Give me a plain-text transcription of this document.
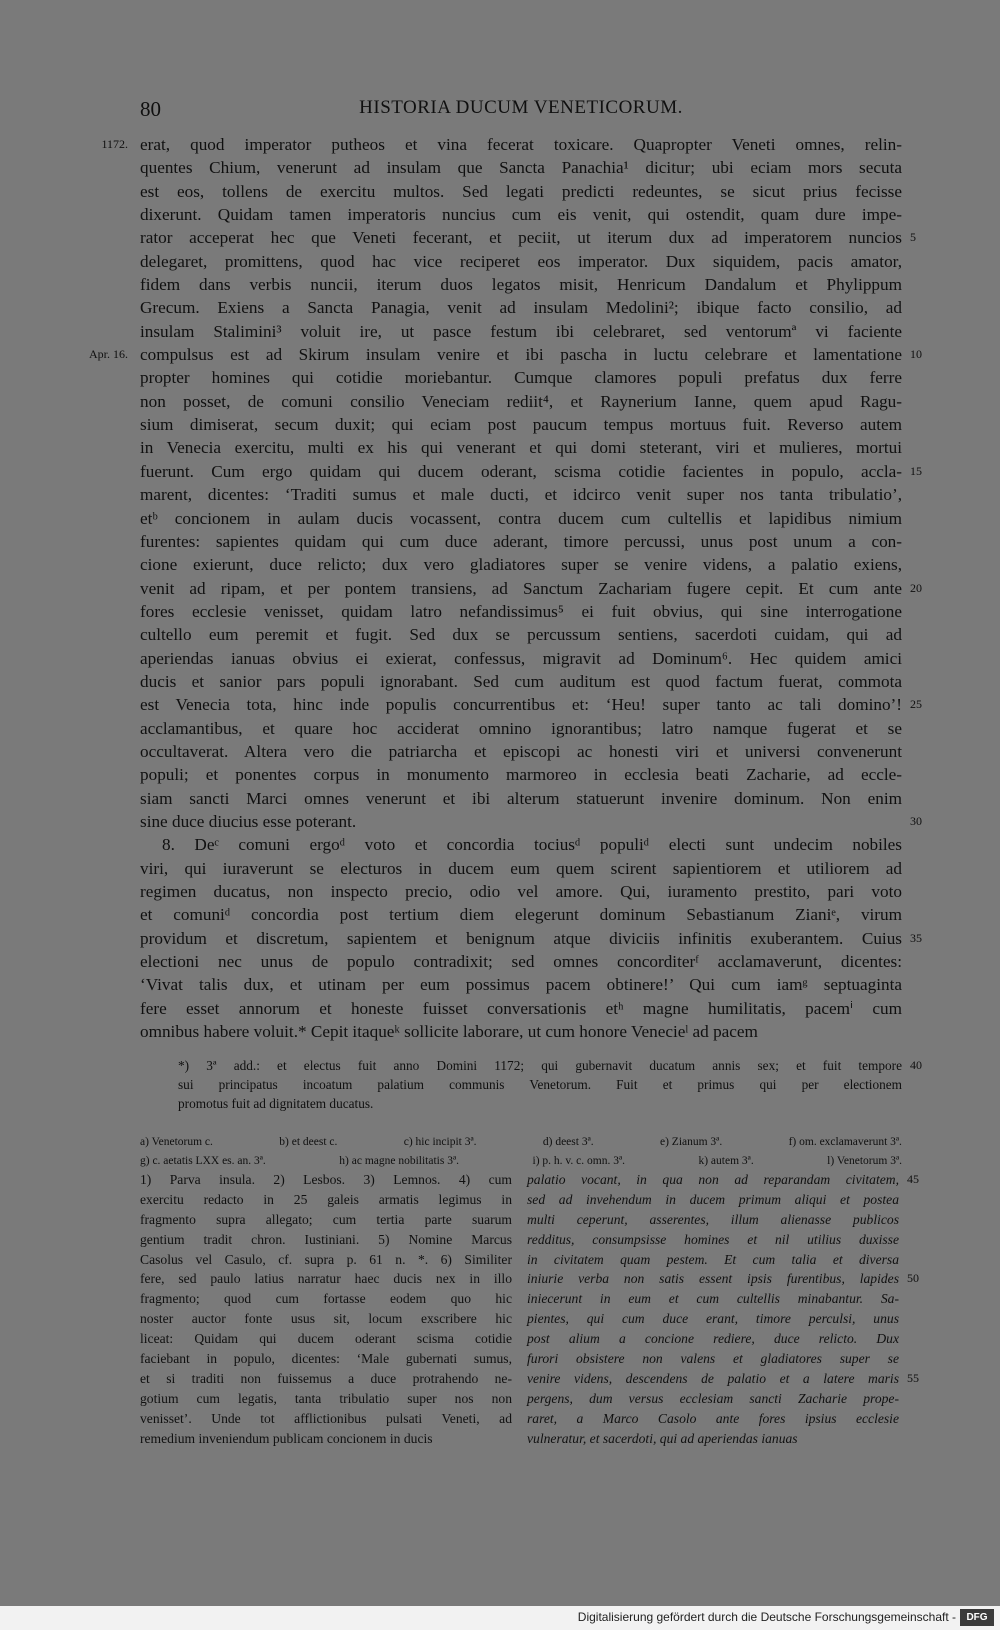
80	HISTORIA DUCUM VENETICORUM.
erat, quod imperator putheos et vina fecerat toxicare. Quapropter Veneti omnes, relin-
1172.
quentes Chium, venerunt ad insulam que Sancta Panachia¹ dicitur; ubi eciam mors secuta
est eos, tollens de exercitu multos. Sed legati predicti redeuntes, se sicut prius fecisse
dixerunt. Quidam tamen imperatoris nuncius cum eis venit, qui ostendit, quam dure impe-
rator acceperat hec que Veneti fecerant, et peciit, ut iterum dux ad imperatorem nuncios 5
delegaret, promittens, quod hac vice reciperet eos imperator. Dux siquidem, pacis amator,
fidem dans verbis nuncii, iterum duos legatos misit, Henricum Dandalum et Phylippum
Grecum. Exiens a Sancta Panagia, venit ad insulam Medolini²; ibique facto consilio, ad
insulam Stalimini³ voluit ire, ut pasce festum ibi celebraret, sed ventorumª vi faciente
compulsus est ad Skirum insulam venire et ibi pascha in luctu celebrare et lamentatione
Apr. 16.	10
propter homines qui cotidie moriebantur. Cumque clamores populi prefatus dux ferre
non posset, de comuni consilio Veneciam rediit⁴, et Raynerium Ianne, quem apud Ragu-
sium dimiserat, secum duxit; qui eciam post paucum tempus mortuus fuit. Reverso autem
in Venecia exercitu, multi ex his qui venerant et qui domi steterant, viri et mulieres, mortui
fuerunt. Cum ergo quidam qui ducem oderant, scisma cotidie facientes in populo, accla- 15
marent, dicentes: ‘Traditi sumus et male ducti, et idcirco venit super nos tanta tribulatio’,
etᵇ concionem in aulam ducis vocassent, contra ducem cum cultellis et lapidibus nimium
furentes: sapientes quidam qui cum duce aderant, timore percussi, unus post unum a con-
cione exierunt, duce relicto; dux vero gladiatores super se venire videns, a palatio exiens,
venit ad ripam, et per pontem transiens, ad Sanctum Zachariam fugere cepit. Et cum ante 20
fores ecclesie venisset, quidam latro nefandissimus⁵ ei fuit obvius, qui sine interrogatione
cultello eum peremit et fugit. Sed dux se percussum sentiens, sacerdoti cuidam, qui ad
aperiendas ianuas obvius ei exierat, confessus, migravit ad Dominum⁶. Hec quidem amici
ducis et sanior pars populi ignorabant. Sed cum auditum est quod factum fuerat, commota
est Venecia tota, hinc inde populis concurrentibus et: ‘Heu! super tanto ac tali domino’! 25
acclamantibus, et quare hoc acciderat omnino ignorantibus; latro namque fugerat et se
occultaverat. Altera vero die patriarcha et episcopi ac honesti viri et universi convenerunt
populi; et ponentes corpus in monumento marmoreo in ecclesia beati Zacharie, ad eccle-
siam sancti Marci omnes venerunt et ibi alterum statuerunt invenire dominum. Non enim
sine duce diucius esse poterant.	30
8. Deᶜ comuni ergoᵈ voto et concordia tociusᵈ populiᵈ electi sunt undecim nobiles
viri, qui iuraverunt se electuros in ducem eum quem scirent sapientiorem et utiliorem ad
regimen ducatus, non inspecto precio, odio vel amore. Qui, iuramento prestito, pari voto
et comuniᵈ concordia post tertium diem elegerunt dominum Sebastianum Zianiᵉ, virum
providum et discretum, sapientem et benignum atque diviciis infinitis exuberantem. Cuius 35
electioni nec unus de populo contradixit; sed omnes concorditerᶠ acclamaverunt, dicentes:
‘Vivat talis dux, et utinam per eum possimus pacem obtinere!’ Qui cum iamᵍ septuaginta
fere esset annorum et honeste fuisset conversationis etʰ magne humilitatis, pacemⁱ cum
omnibus habere voluit.* Cepit itaqueᵏ sollicite laborare, ut cum honore Venecieˡ ad pacem
*) 3ª add.: et electus fuit anno Domini 1172; qui gubernavit ducatum annis sex; et fuit tempore 40
sui principatus incoatum palatium communis Venetorum. Fuit et primus qui per electionem
promotus fuit ad dignitatem ducatus.
a) Venetorum c.	b) et deest c.	c) hic incipit 3ª.	d) deest 3ª.	e) Zianum 3ª.	f) om. exclamaverunt 3ª.
g) c. aetatis LXX es. an. 3ª.	h) ac magne nobilitatis 3ª.	i) p. h. v. c. omn. 3ª.	k) autem 3ª.	l) Venetorum 3ª.
1) Parva insula. 2) Lesbos. 3) Lemnos. 4) cum
exercitu redacto in 25 galeis armatis legimus in
fragmento supra allegato; cum tertia parte suarum
gentium tradit chron. Iustiniani. 5) Nomine Marcus
Casolus vel Casulo, cf. supra p. 61 n. *. 6) Similiter
fere, sed paulo latius narratur haec ducis nex in illo
fragmento; quod cum fortasse eodem quo hic
noster auctor fonte usus sit, locum exscribere hic
liceat: Quidam qui ducem oderant scisma cotidie
faciebant in populo, dicentes: ‘Male gubernati sumus,
et si traditi non fuissemus a duce protrahendo ne-
gotium cum legatis, tanta tribulatio super nos non
venisset’. Unde tot afflictionibus pulsati Veneti, ad
remedium inveniendum publicam concionem in ducis
palatio vocant, in qua non ad reparandam civitatem, 45
sed ad invehendum in ducem primum aliqui et postea
multi ceperunt, asserentes, illum alienasse publicos
redditus, consumpsisse homines et nil utilius duxisse
in civitatem quam pestem. Et cum talia et diversa
iniurie verba non satis essent ipsis furentibus, lapides 50
iniecerunt in eum et cum cultellis minabantur. Sa-
pientes, qui cum duce erant, timore perculsi, unus
post alium a concione rediere, duce relicto. Dux
furori obsistere non valens et gladiatores super se
venire videns, descendens de palatio et a latere maris 55
pergens, dum versus ecclesiam sancti Zacharie prope-
raret, a Marco Casolo ante fores ipsius ecclesie
vulneratur, et sacerdoti, qui ad aperiendas ianuas
Digitalisierung gefördert durch die Deutsche Forschungsgemeinschaft -	DFG
